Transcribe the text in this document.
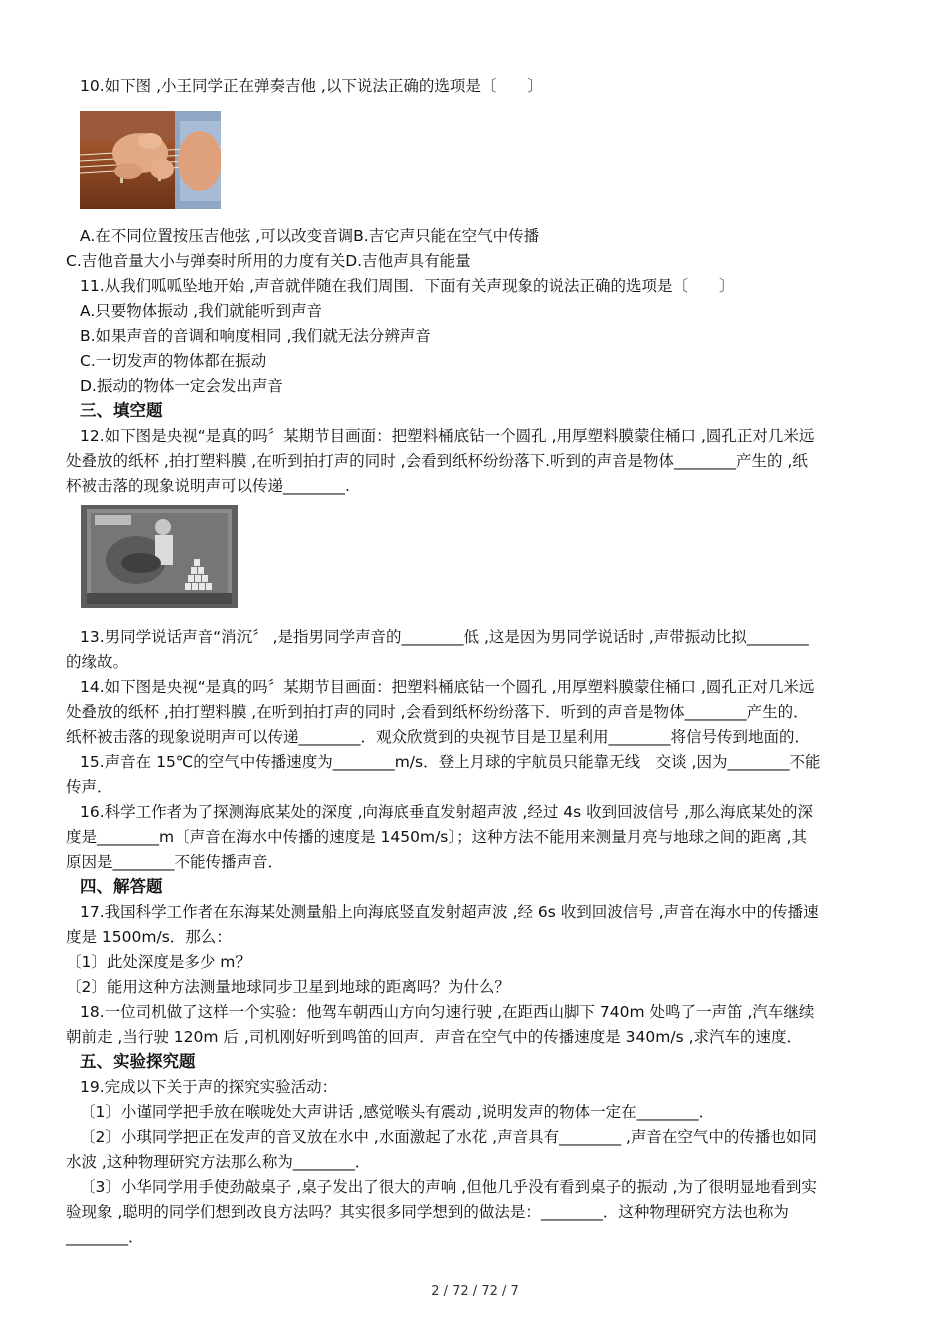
10.如下图 ,小王同学正在弹奏吉他 ,以下说法正确的选项是〔　　〕
A.在不同位置按压吉他弦 ,可以改变音调B.吉它声只能在空气中传播
C.吉他音量大小与弹奏时所用的力度有关D.吉他声具有能量
11.从我们呱呱坠地开始 ,声音就伴随在我们周围．下面有关声现象的说法正确的选项是〔　　〕
A.只要物体振动 ,我们就能听到声音
B.如果声音的音调和响度相同 ,我们就无法分辨声音
C.一切发声的物体都在振动
D.振动的物体一定会发出声音
三、填空题
12.如下图是央视“是真的吗〞某期节目画面：把塑料桶底钻一个圆孔 ,用厚塑料膜蒙住桶口 ,圆孔正对几米远
处叠放的纸杯 ,拍打塑料膜 ,在听到拍打声的同时 ,会看到纸杯纷纷落下.听到的声音是物体________产生的 ,纸
杯被击落的现象说明声可以传递________.
13.男同学说话声音“消沉〞 ,是指男同学声音的________低 ,这是因为男同学说话时 ,声带振动比拟________
的缘故。
14.如下图是央视“是真的吗〞某期节目画面：把塑料桶底钻一个圆孔 ,用厚塑料膜蒙住桶口 ,圆孔正对几米远
处叠放的纸杯 ,拍打塑料膜 ,在听到拍打声的同时 ,会看到纸杯纷纷落下．听到的声音是物体________产生的．
纸杯被击落的现象说明声可以传递________．观众欣赏到的央视节目是卫星利用________将信号传到地面的．
15.声音在 15℃的空气中传播速度为________m/s．登上月球的宇航员只能靠无线　交谈 ,因为________不能
传声．
16.科学工作者为了探测海底某处的深度 ,向海底垂直发射超声波 ,经过 4s 收到回波信号 ,那么海底某处的深
度是________m〔声音在海水中传播的速度是 1450m/s〕；这种方法不能用来测量月亮与地球之间的距离 ,其
原因是________不能传播声音．
四、解答题
17.我国科学工作者在东海某处测量船上向海底竖直发射超声波 ,经 6s 收到回波信号 ,声音在海水中的传播速
度是 1500m/s．那么：
〔1〕此处深度是多少 m？
〔2〕能用这种方法测量地球同步卫星到地球的距离吗？为什么？
18.一位司机做了这样一个实验：他驾车朝西山方向匀速行驶 ,在距西山脚下 740m 处鸣了一声笛 ,汽车继续
朝前走 ,当行驶 120m 后 ,司机刚好听到鸣笛的回声．声音在空气中的传播速度是 340m/s ,求汽车的速度．
五、实验探究题
19.完成以下关于声的探究实验活动：
〔1〕小谨同学把手放在喉咙处大声讲话 ,感觉喉头有震动 ,说明发声的物体一定在________．
〔2〕小琪同学把正在发声的音叉放在水中 ,水面激起了水花 ,声音具有________ ,声音在空气中的传播也如同
水波 ,这种物理研究方法那么称为________．
〔3〕小华同学用手使劲敲桌子 ,桌子发出了很大的声响 ,但他几乎没有看到桌子的振动 ,为了很明显地看到实
验现象 ,聪明的同学们想到改良方法吗？其实很多同学想到的做法是：________．这种物理研究方法也称为
________．
2 / 72 / 72 / 7
